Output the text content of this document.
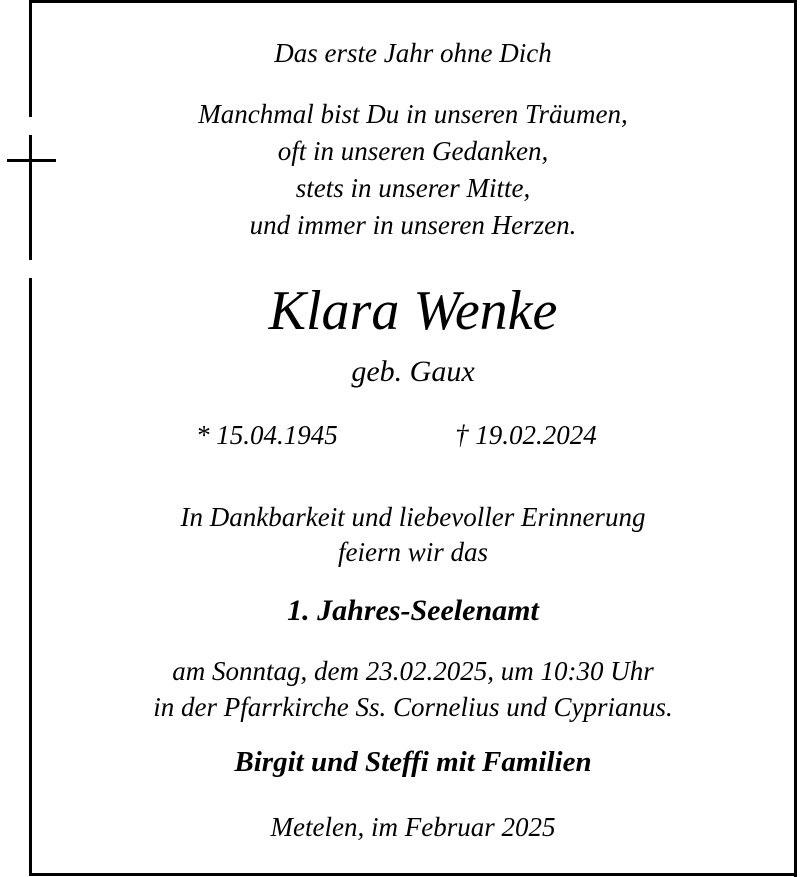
Das erste Jahr ohne Dich
Manchmal bist Du in unseren Träumen,
oft in unseren Gedanken,
stets in unserer Mitte,
und immer in unseren Herzen.
Klara Wenke
geb. Gaux
* 15.04.1945	† 19.02.2024
In Dankbarkeit und liebevoller Erinnerung
feiern wir das
1. Jahres-Seelenamt
am Sonntag, dem 23.02.2025, um 10:30 Uhr
in der Pfarrkirche Ss. Cornelius und Cyprianus.
Birgit und Steffi mit Familien
Metelen, im Februar 2025
